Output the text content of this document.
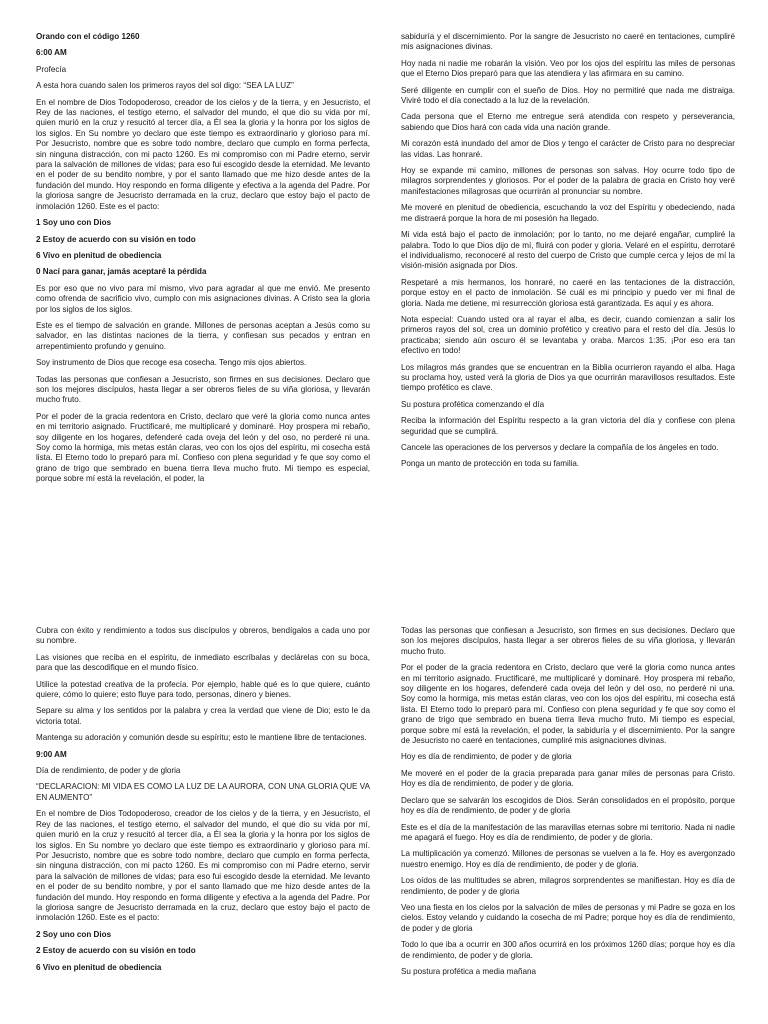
Orando con el código 1260

6:00 AM

Profecía

A esta hora cuando salen los primeros rayos del sol digo: “SEA LA LUZ”

En el nombre de Dios Todopoderoso, creador de los cielos y de la tierra, y en Jesucristo, el Rey de las naciones, el testigo eterno, el salvador del mundo, el que dio su vida por mí, quien murió en la cruz y resucitó al tercer día, a Él sea la gloria y la honra por los siglos de los siglos. En Su nombre yo declaro que este tiempo es extraordinario y glorioso para mí. Por Jesucristo, nombre que es sobre todo nombre, declaro que cumplo en forma perfecta, sin ninguna distracción, con mi pacto 1260. Es mi compromiso con mi Padre eterno, servir para la salvación de millones de vidas; para eso fui escogido desde la eternidad. Me levanto en el poder de su bendito nombre, y por el santo llamado que me hizo desde antes de la fundación del mundo. Hoy respondo en forma diligente y efectiva a la agenda del Padre. Por la gloriosa sangre de Jesucristo derramada en la cruz, declaro que estoy bajo el pacto de inmolación 1260. Este es el pacto:

1 Soy uno con Dios

2 Estoy de acuerdo con su visión en todo

6 Vivo en plenitud de obediencia

0 Nací para ganar, jamás aceptaré la pérdida

Es por eso que no vivo para mí mismo, vivo para agradar al que me envió. Me presento como ofrenda de sacrificio vivo, cumplo con mis asignaciones divinas. A Cristo sea la gloria por los siglos de los siglos.

Este es el tiempo de salvación en grande. Millones de personas aceptan a Jesús como su salvador, en las distintas naciones de la tierra, y confiesan sus pecados y entran en arrepentimiento profundo y genuino.

Soy instrumento de Dios que recoge esa cosecha. Tengo mis ojos abiertos.

Todas las personas que confiesan a Jesucristo, son firmes en sus decisiones. Declaro que son los mejores discípulos, hasta llegar a ser obreros fieles de su viña gloriosa, y llevarán mucho fruto.

Por el poder de la gracia redentora en Cristo, declaro que veré la gloria como nunca antes en mi territorio asignado. Fructificaré, me multiplicaré y dominaré. Hoy prospera mi rebaño, soy diligente en los hogares, defenderé cada oveja del león y del oso, no perderé ni una. Soy como la hormiga, mis metas están claras, veo con los ojos del espíritu, mi cosecha está lista. El Eterno todo lo preparó para mí. Confieso con plena seguridad y fe que soy como el grano de trigo que sembrado en buena tierra lleva mucho fruto. Mi tiempo es especial, porque sobre mí está la revelación, el poder, la

sabiduría y el discernimiento. Por la sangre de Jesucristo no caeré en tentaciones, cumpliré mis asignaciones divinas.

Hoy nada ni nadie me robarán la visión. Veo por los ojos del espíritu las miles de personas que el Eterno Dios preparó para que las atendiera y las afirmara en su camino.

Seré diligente en cumplir con el sueño de Dios. Hoy no permitiré que nada me distraiga. Viviré todo el día conectado a la luz de la revelación.

Cada persona que el Eterno me entregue será atendida con respeto y perseverancia, sabiendo que Dios hará con cada vida una nación grande.

Mi corazón está inundado del amor de Dios y tengo el carácter de Cristo para no despreciar las vidas. Las honraré.

Hoy se expande mi camino, millones de personas son salvas. Hoy ocurre todo tipo de milagros sorprendentes y gloriosos. Por el poder de la palabra de gracia en Cristo hoy veré manifestaciones milagrosas que ocurrirán al pronunciar su nombre.

Me moveré en plenitud de obediencia, escuchando la voz del Espíritu y obedeciendo, nada me distraerá porque la hora de mi posesión ha llegado.

Mi vida está bajo el pacto de inmolación; por lo tanto, no me dejaré engañar, cumpliré la palabra. Todo lo que Dios dijo de mí, fluirá con poder y gloria. Velaré en el espíritu, derrotaré el individualismo, reconoceré al resto del cuerpo de Cristo que cumple cerca y lejos de mí la visión-misión asignada por Dios.

Respetaré a mis hermanos, los honraré, no caeré en las tentaciones de la distracción, porque estoy en el pacto de inmolación. Sé cuál es mi principio y puedo ver mi final de gloria. Nada me detiene, mi resurrección gloriosa está garantizada. Es aquí y es ahora.

Nota especial: Cuando usted ora al rayar el alba, es decir, cuando comienzan a salir los primeros rayos del sol, crea un dominio profético y creativo para el resto del día. Jesús lo practicaba; siendo aún oscuro él se levantaba y oraba. Marcos 1:35. ¡Por eso era tan efectivo en todo!

Los milagros más grandes que se encuentran en la Biblia ocurrieron rayando el alba. Haga su proclama hoy, usted verá la gloria de Dios ya que ocurrirán maravillosos resultados. Este tiempo profético es clave.

Su postura profética comenzando el día

Reciba la información del Espíritu respecto a la gran victoria del día y confiese con plena seguridad que se cumplirá.

Cancele las operaciones de los perversos y declare la compañía de los ángeles en todo.

Ponga un manto de protección en toda su familia.

Cubra con éxito y rendimiento a todos sus discípulos y obreros, bendígalos a cada uno por su nombre.

Las visiones que reciba en el espíritu, de inmediato escríbalas y declárelas con su boca, para que las descodifique en el mundo físico.

Utilice la potestad creativa de la profecía. Por ejemplo, hable qué es lo que quiere, cuánto quiere, cómo lo quiere; esto fluye para todo, personas, dinero y bienes.

Separe su alma y los sentidos por la palabra y crea la verdad que viene de Dio; esto le da victoria total.

Mantenga su adoración y comunión desde su espíritu; esto le mantiene libre de tentaciones.

9:00 AM

Día de rendimiento, de poder y de gloria

“DECLARACION: MI VIDA ES COMO LA LUZ DE LA AURORA, CON UNA GLORIA QUE VA EN AUMENTO”

En el nombre de Dios Todopoderoso, creador de los cielos y de la tierra, y en Jesucristo, el Rey de las naciones, el testigo eterno, el salvador del mundo, el que dio su vida por mí, quien murió en la cruz y resucitó al tercer día, a Él sea la gloria y la honra por los siglos de los siglos. En Su nombre yo declaro que este tiempo es extraordinario y glorioso para mí. Por Jesucristo, nombre que es sobre todo nombre, declaro que cumplo en forma perfecta, sin ninguna distracción, con mi pacto 1260. Es mi compromiso con mi Padre eterno, servir para la salvación de millones de vidas; para eso fui escogido desde la eternidad. Me levanto en el poder de su bendito nombre, y por el santo llamado que me hizo desde antes de la fundación del mundo. Hoy respondo en forma diligente y efectiva a la agenda del Padre. Por la gloriosa sangre de Jesucristo derramada en la cruz, declaro que estoy bajo el pacto de inmolación 1260. Este es el pacto:

2 Soy uno con Dios

2 Estoy de acuerdo con su visión en todo

6 Vivo en plenitud de obediencia

Todas las personas que confiesan a Jesucristo, son firmes en sus decisiones. Declaro que son los mejores discípulos, hasta llegar a ser obreros fieles de su viña gloriosa, y llevarán mucho fruto.

Por el poder de la gracia redentora en Cristo, declaro que veré la gloria como nunca antes en mi territorio asignado. Fructificaré, me multiplicaré y dominaré. Hoy prospera mi rebaño, soy diligente en los hogares, defenderé cada oveja del león y del oso, no perderé ni una. Soy como la hormiga, mis metas están claras, veo con los ojos del espíritu, mi cosecha está lista. El Eterno todo lo preparó para mí. Confieso con plena seguridad y fe que soy como el grano de trigo que sembrado en buena tierra lleva mucho fruto. Mi tiempo es especial, porque sobre mí está la revelación, el poder, la sabiduría y el discernimiento. Por la sangre de Jesucristo no caeré en tentaciones, cumpliré mis asignaciones divinas.

Hoy es día de rendimiento, de poder y de gloria

Me moveré en el poder de la gracia preparada para ganar miles de personas para Cristo. Hoy es día de rendimiento, de poder y de gloria.

Declaro que se salvarán los escogidos de Dios. Serán consolidados en el propósito, porque hoy es día de rendimiento, de poder y de gloria

Este es el día de la manifestación de las maravillas eternas sobre mi territorio. Nada ni nadie me apagará el fuego. Hoy es día de rendimiento, de poder y de gloria.

La multiplicación ya comenzó. Millones de personas se vuelven a la fe. Hoy es avergonzado nuestro enemigo. Hoy es día de rendimiento, de poder y de gloria.

Los oídos de las multitudes se abren, milagros sorprendentes se manifiestan. Hoy es día de rendimiento, de poder y de gloria

Veo una fiesta en los cielos por la salvación de miles de personas y mi Padre se goza en los cielos. Estoy velando y cuidando la cosecha de mi Padre; porque hoy es día de rendimiento, de poder y de gloria

Todo lo que iba a ocurrir en 300 años ocurrirá en los próximos 1260 días; porque hoy es día de rendimiento, de poder y de gloria.

Su postura profética a media mañana
